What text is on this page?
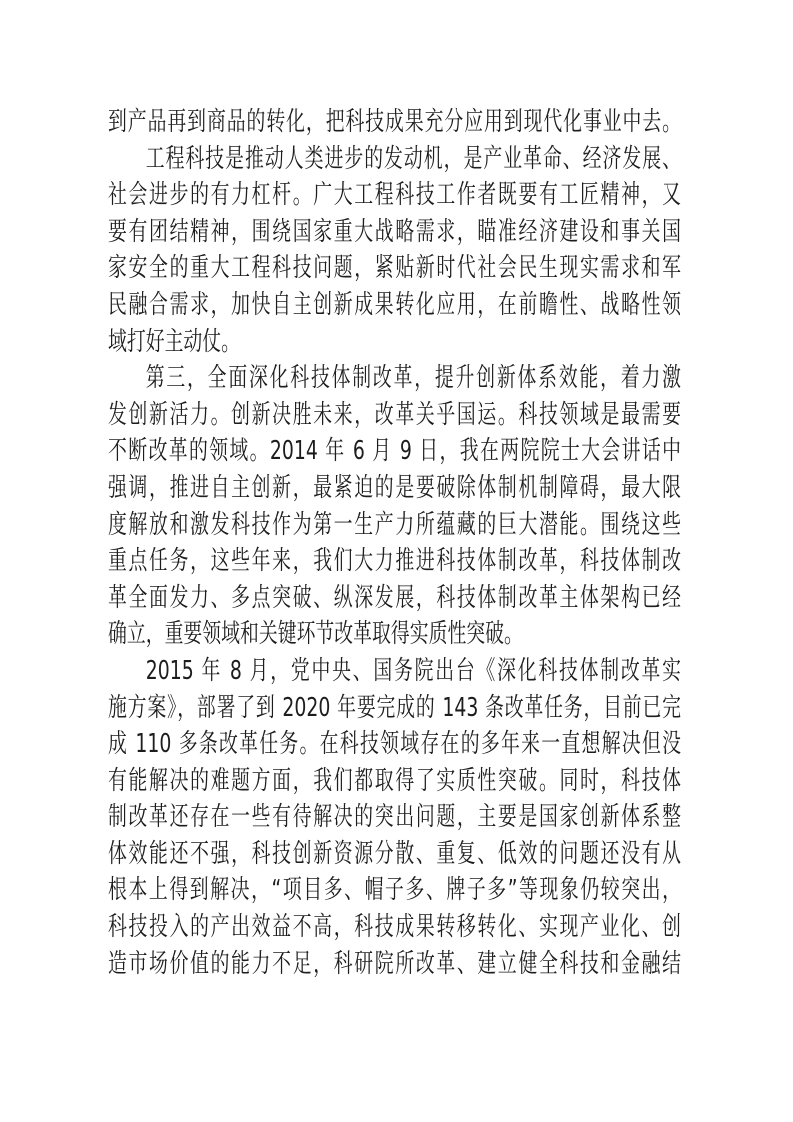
到产品再到商品的转化，把科技成果充分应用到现代化事业中去。
工程科技是推动人类进步的发动机，是产业革命、经济发展、
社会进步的有力杠杆。广大工程科技工作者既要有工匠精神，又
要有团结精神，围绕国家重大战略需求，瞄准经济建设和事关国
家安全的重大工程科技问题，紧贴新时代社会民生现实需求和军
民融合需求，加快自主创新成果转化应用，在前瞻性、战略性领
域打好主动仗。
第三，全面深化科技体制改革，提升创新体系效能，着力激
发创新活力。创新决胜未来，改革关乎国运。科技领域是最需要
不断改革的领域。2014 年 6 月 9 日，我在两院院士大会讲话中
强调，推进自主创新，最紧迫的是要破除体制机制障碍，最大限
度解放和激发科技作为第一生产力所蕴藏的巨大潜能。围绕这些
重点任务，这些年来，我们大力推进科技体制改革，科技体制改
革全面发力、多点突破、纵深发展，科技体制改革主体架构已经
确立，重要领域和关键环节改革取得实质性突破。
2015 年 8 月，党中央、国务院出台《深化科技体制改革实
施方案》，部署了到 2020 年要完成的 143 条改革任务，目前已完
成 110 多条改革任务。在科技领域存在的多年来一直想解决但没
有能解决的难题方面，我们都取得了实质性突破。同时，科技体
制改革还存在一些有待解决的突出问题，主要是国家创新体系整
体效能还不强，科技创新资源分散、重复、低效的问题还没有从
根本上得到解决，“项目多、帽子多、牌子多”等现象仍较突出，
科技投入的产出效益不高，科技成果转移转化、实现产业化、创
造市场价值的能力不足，科研院所改革、建立健全科技和金融结
